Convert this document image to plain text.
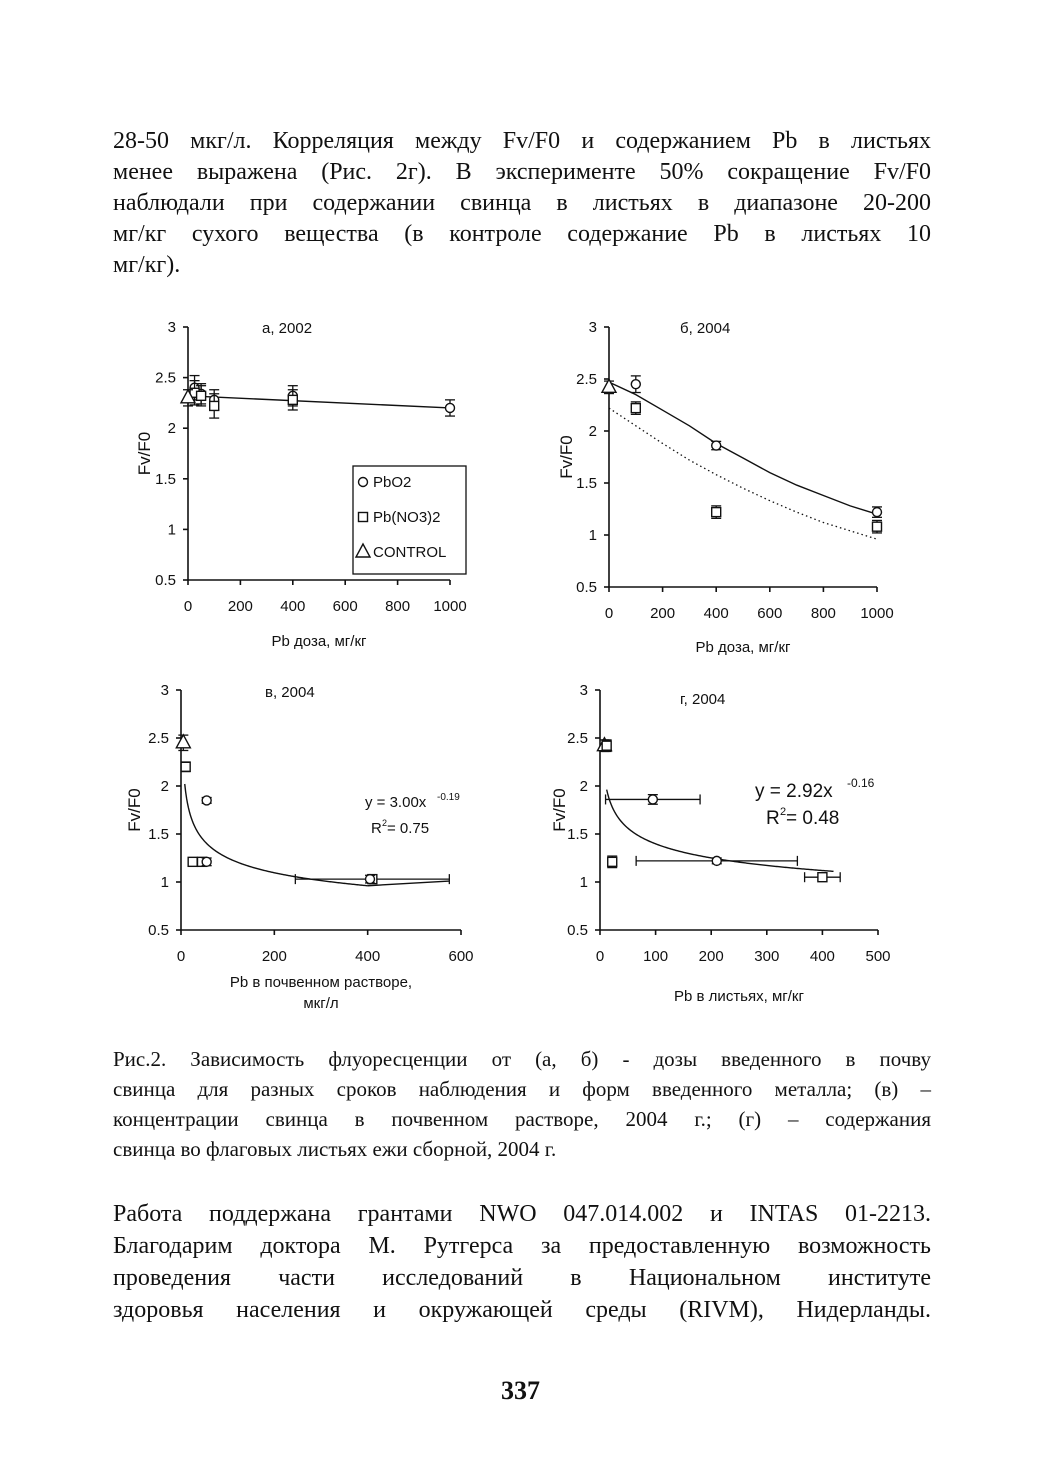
28-50 мкг/л. Корреляция между Fv/F0 и содержанием Pb в листьях
менее выражена (Рис. 2г). В эксперименте 50% сокращение Fv/F0
наблюдали при содержании свинца в листьях в диапазоне 20-200
мг/кг сухого вещества (в контроле содержание Pb в листьях 10
мг/кг).
0.5
1
1.5
2
2.5
3
0 200 400 600 800 1000
а, 2002
Fv/F0
Pb доза, мг/кг
PbO2
Pb(NO3)2
CONTROL
0.5
1
1.5
2
2.5
3
0 200 400 600 800 1000
б, 2004
Fv/F0
Pb доза, мг/кг
0.5
1
1.5
2
2.5
3
0	200	400	600
в, 2004
Fv/F0
Pb в почвенном растворе,
мкг/л
y = 3.00x -0.19
R 2 = 0.75
0.5
1
1.5
2
2.5
3
0	100 200 300 400 500
г, 2004
Fv/F0
Pb в листьях, мг/кг
y = 2.92x -0.16
R 2 = 0.48
Рис.2. Зависимость флуоресценции от (а, б) - дозы введенного в почву
свинца для разных сроков наблюдения и форм введенного металла; (в) –
концентрации свинца в почвенном растворе, 2004 г.; (г) – содержания
свинца во флаговых листьях ежи сборной, 2004 г.
Работа поддержана грантами NWO 047.014.002 и INTAS 01-2213.
Благодарим доктора М. Рутгерса за предоставленную возможность
проведения части исследований в Национальном институте
здоровья населения и окружающей среды (RIVM), Нидерланды.
337
